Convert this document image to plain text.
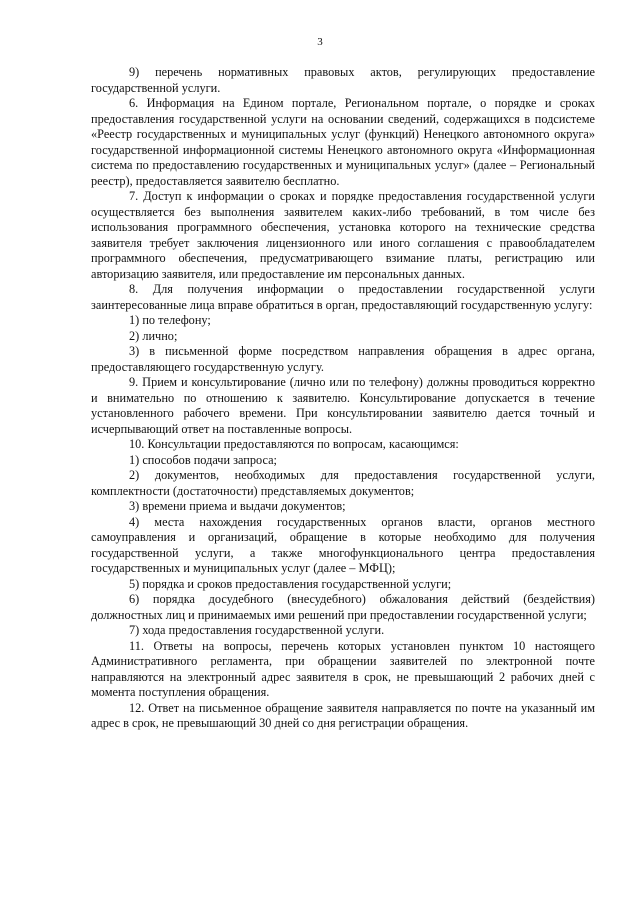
3

9) перечень нормативных правовых актов, регулирующих предоставление государственной услуги.

6. Информация на Едином портале, Региональном портале, о порядке и сроках предоставления государственной услуги на основании сведений, содержащихся в подсистеме «Реестр государственных и муниципальных услуг (функций) Ненецкого автономного округа» государственной информационной системы Ненецкого автономного округа «Информационная система по предоставлению государственных и муниципальных услуг» (далее – Региональный реестр), предоставляется заявителю бесплатно.

7. Доступ к информации о сроках и порядке предоставления государственной услуги осуществляется без выполнения заявителем каких-либо требований, в том числе без использования программного обеспечения, установка которого на технические средства заявителя требует заключения лицензионного или иного соглашения с правообладателем программного обеспечения, предусматривающего взимание платы, регистрацию или авторизацию заявителя, или предоставление им персональных данных.

8. Для получения информации о предоставлении государственной услуги заинтересованные лица вправе обратиться в орган, предоставляющий государственную услугу:

1) по телефону;

2) лично;

3) в письменной форме посредством направления обращения в адрес органа, предоставляющего государственную услугу.

9. Прием и консультирование (лично или по телефону) должны проводиться корректно и внимательно по отношению к заявителю. Консультирование допускается в течение установленного рабочего времени. При консультировании заявителю дается точный и исчерпывающий ответ на поставленные вопросы.

10. Консультации предоставляются по вопросам, касающимся:

1) способов подачи запроса;

2) документов, необходимых для предоставления государственной услуги, комплектности (достаточности) представляемых документов;

3) времени приема и выдачи документов;

4) места нахождения государственных органов власти, органов местного самоуправления и организаций, обращение в которые необходимо для получения государственной услуги, а также многофункционального центра предоставления государственных и муниципальных услуг (далее – МФЦ);

5) порядка и сроков предоставления государственной услуги;

6) порядка досудебного (внесудебного) обжалования действий (бездействия) должностных лиц и принимаемых ими решений при предоставлении государственной услуги;

7) хода предоставления государственной услуги.

11. Ответы на вопросы, перечень которых установлен пунктом 10 настоящего Административного регламента, при обращении заявителей по электронной почте направляются на электронный адрес заявителя в срок, не превышающий 2 рабочих дней с момента поступления обращения.

12. Ответ на письменное обращение заявителя направляется по почте на указанный им адрес в срок, не превышающий 30 дней со дня регистрации обращения.
